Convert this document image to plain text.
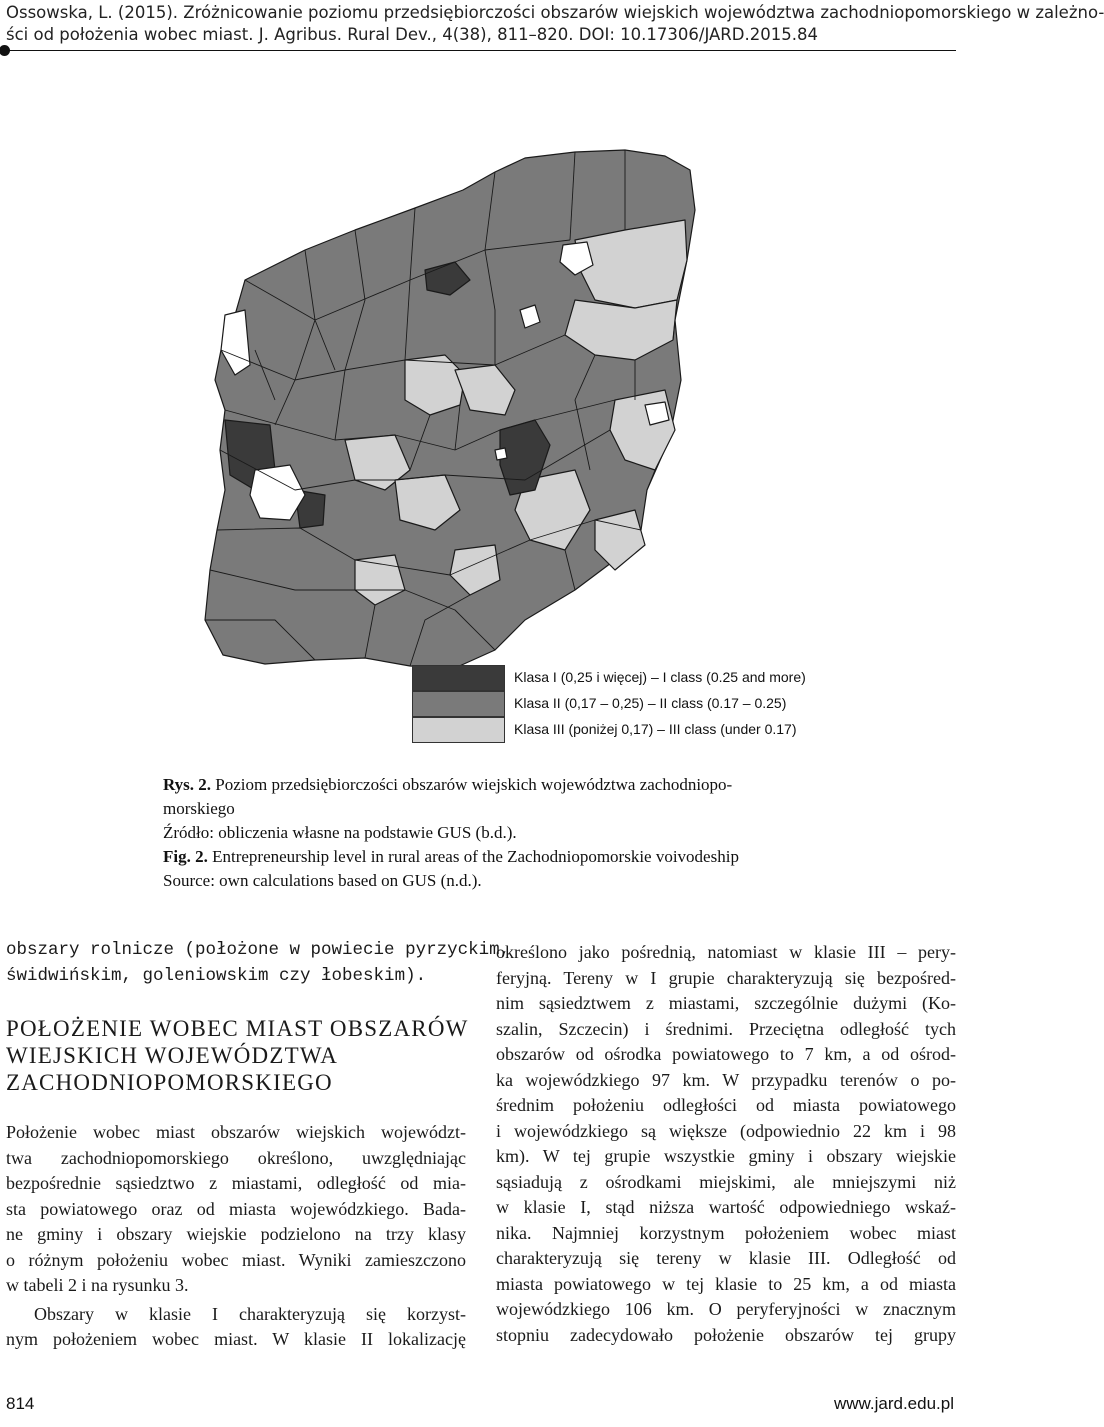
Ossowska, L. (2015). Zróżnicowanie poziomu przedsiębiorczości obszarów wiejskich województwa zachodniopomorskiego w zależno-
ści od położenia wobec miast. J. Agribus. Rural Dev., 4(38), 811–820. DOI: 10.17306/JARD.2015.84
Klasa I (0,25 i więcej) – I class (0.25 and more)
Klasa II (0,17 – 0,25) – II class (0.17 – 0.25)
Klasa III (poniżej 0,17) – III class (under 0.17)
Rys. 2. Poziom przedsiębiorczości obszarów wiejskich województwa zachodniopo-
morskiego
Źródło: obliczenia własne na podstawie GUS (b.d.).
Fig. 2. Entrepreneurship level in rural areas of the Zachodniopomorskie voivodeship
Source: own calculations based on GUS (n.d.).
obszary rolnicze (położone w powiecie pyrzyckim,
świdwińskim, goleniowskim czy łobeskim).
POŁOŻENIE WOBEC MIAST OBSZARÓW
WIEJSKICH WOJEWÓDZTWA
ZACHODNIOPOMORSKIEGO
Położenie wobec miast obszarów wiejskich województ-
twa zachodniopomorskiego określono, uwzględniając
bezpośrednie sąsiedztwo z miastami, odległość od mia-
sta powiatowego oraz od miasta wojewódzkiego. Bada-
ne gminy i obszary wiejskie podzielono na trzy klasy
o różnym położeniu wobec miast. Wyniki zamieszczono
w tabeli 2 i na rysunku 3.
Obszary w klasie I charakteryzują się korzyst-
nym położeniem wobec miast. W klasie II lokalizację
określono jako pośrednią, natomiast w klasie III – pery-
feryjną. Tereny w I grupie charakteryzują się bezpośred-
nim sąsiedztwem z miastami, szczególnie dużymi (Ko-
szalin, Szczecin) i średnimi. Przeciętna odległość tych
obszarów od ośrodka powiatowego to 7 km, a od ośrod-
ka wojewódzkiego 97 km. W przypadku terenów o po-
średnim położeniu odległości od miasta powiatowego
i wojewódzkiego są większe (odpowiednio 22 km i 98
km). W tej grupie wszystkie gminy i obszary wiejskie
sąsiadują z ośrodkami miejskimi, ale mniejszymi niż
w klasie I, stąd niższa wartość odpowiedniego wskaź-
nika. Najmniej korzystnym położeniem wobec miast
charakteryzują się tereny w klasie III. Odległość od
miasta powiatowego w tej klasie to 25 km, a od miasta
wojewódzkiego 106 km. O peryferyjności w znacznym
stopniu zadecydowało położenie obszarów tej grupy
814	www.jard.edu.pl
